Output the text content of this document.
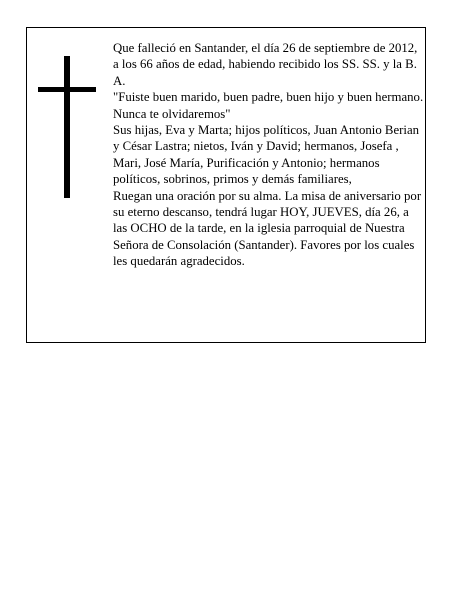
Que falleció en Santander, el día 26 de septiembre de 2012, a los 66 años de edad, habiendo recibido los SS. SS. y la B. A.

"Fuiste buen marido, buen padre, buen hijo y buen hermano. Nunca te olvidaremos"

Sus hijas, Eva y Marta; hijos políticos, Juan Antonio Berian y César Lastra; nietos, Iván y David; hermanos, Josefa , Mari, José María, Purificación y Antonio; hermanos políticos, sobrinos, primos y demás familiares,

Ruegan una oración por su alma. La misa de aniversario por su eterno descanso, tendrá lugar HOY, JUEVES, día 26, a las OCHO de la tarde, en la iglesia parroquial de Nuestra Señora de Consolación (Santander). Favores por los cuales les quedarán agradecidos.
